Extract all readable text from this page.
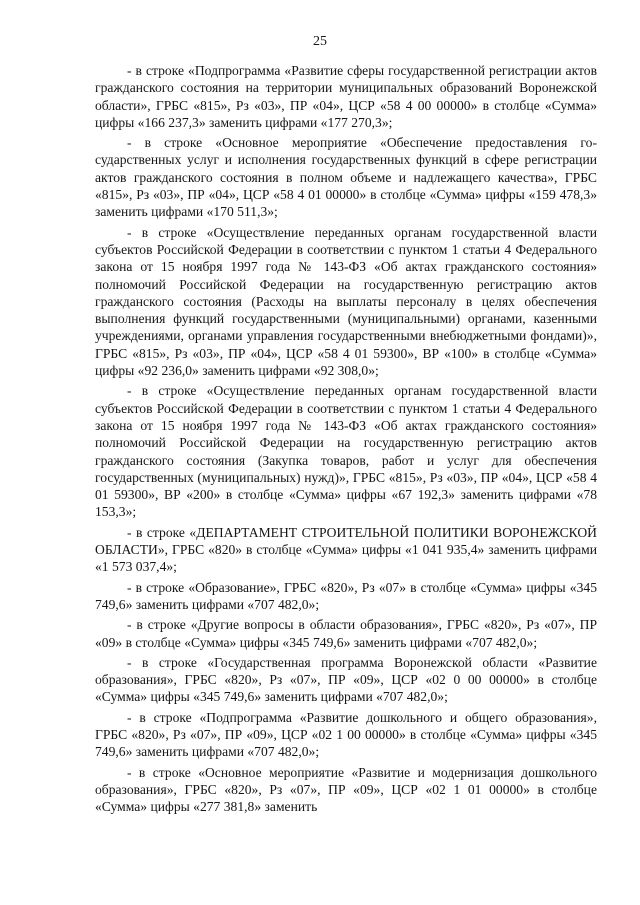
25

- в строке «Подпрограмма «Развитие сферы государственной регистрации актов гражданского состояния на территории муниципальных образований Воронежской области», ГРБС «815», Рз «03», ПР «04», ЦСР «58 4 00 00000» в столбце «Сумма» цифры «166 237,3» заменить цифрами «177 270,3»;

- в строке «Основное мероприятие «Обеспечение предоставления государственных услуг и исполнения государственных функций в сфере регистрации актов гражданского состояния в полном объеме и надлежащего качества», ГРБС «815», Рз «03», ПР «04», ЦСР «58 4 01 00000» в столбце «Сумма» цифры «159 478,3» заменить цифрами «170 511,3»;

- в строке «Осуществление переданных органам государственной власти субъектов Российской Федерации в соответствии с пунктом 1 статьи 4 Федерального закона от 15 ноября 1997 года № 143-ФЗ «Об актах гражданского состояния» полномочий Российской Федерации на государственную регистрацию актов гражданского состояния (Расходы на выплаты персоналу в целях обеспечения выполнения функций государственными (муниципальными) органами, казенными учреждениями, органами управления государственными внебюджетными фондами)», ГРБС «815», Рз «03», ПР «04», ЦСР «58 4 01 59300», ВР «100» в столбце «Сумма» цифры «92 236,0» заменить цифрами «92 308,0»;

- в строке «Осуществление переданных органам государственной власти субъектов Российской Федерации в соответствии с пунктом 1 статьи 4 Федерального закона от 15 ноября 1997 года № 143-ФЗ «Об актах гражданского состояния» полномочий Российской Федерации на государственную регистрацию актов гражданского состояния (Закупка товаров, работ и услуг для обеспечения государственных (муниципальных) нужд)», ГРБС «815», Рз «03», ПР «04», ЦСР «58 4 01 59300», ВР «200» в столбце «Сумма» цифры «67 192,3» заменить цифрами «78 153,3»;

- в строке «ДЕПАРТАМЕНТ СТРОИТЕЛЬНОЙ ПОЛИТИКИ ВОРОНЕЖСКОЙ ОБЛАСТИ», ГРБС «820» в столбце «Сумма» цифры «1 041 935,4» заменить цифрами «1 573 037,4»;

- в строке «Образование», ГРБС «820», Рз «07» в столбце «Сумма» цифры «345 749,6» заменить цифрами «707 482,0»;

- в строке «Другие вопросы в области образования», ГРБС «820», Рз «07», ПР «09» в столбце «Сумма» цифры «345 749,6» заменить цифрами «707 482,0»;

- в строке «Государственная программа Воронежской области «Развитие образования», ГРБС «820», Рз «07», ПР «09», ЦСР «02 0 00 00000» в столбце «Сумма» цифры «345 749,6» заменить цифрами «707 482,0»;

- в строке «Подпрограмма «Развитие дошкольного и общего образования», ГРБС «820», Рз «07», ПР «09», ЦСР «02 1 00 00000» в столбце «Сумма» цифры «345 749,6» заменить цифрами «707 482,0»;

- в строке «Основное мероприятие «Развитие и модернизация дошкольного образования», ГРБС «820», Рз «07», ПР «09», ЦСР «02 1 01 00000» в столбце «Сумма» цифры «277 381,8» заменить
